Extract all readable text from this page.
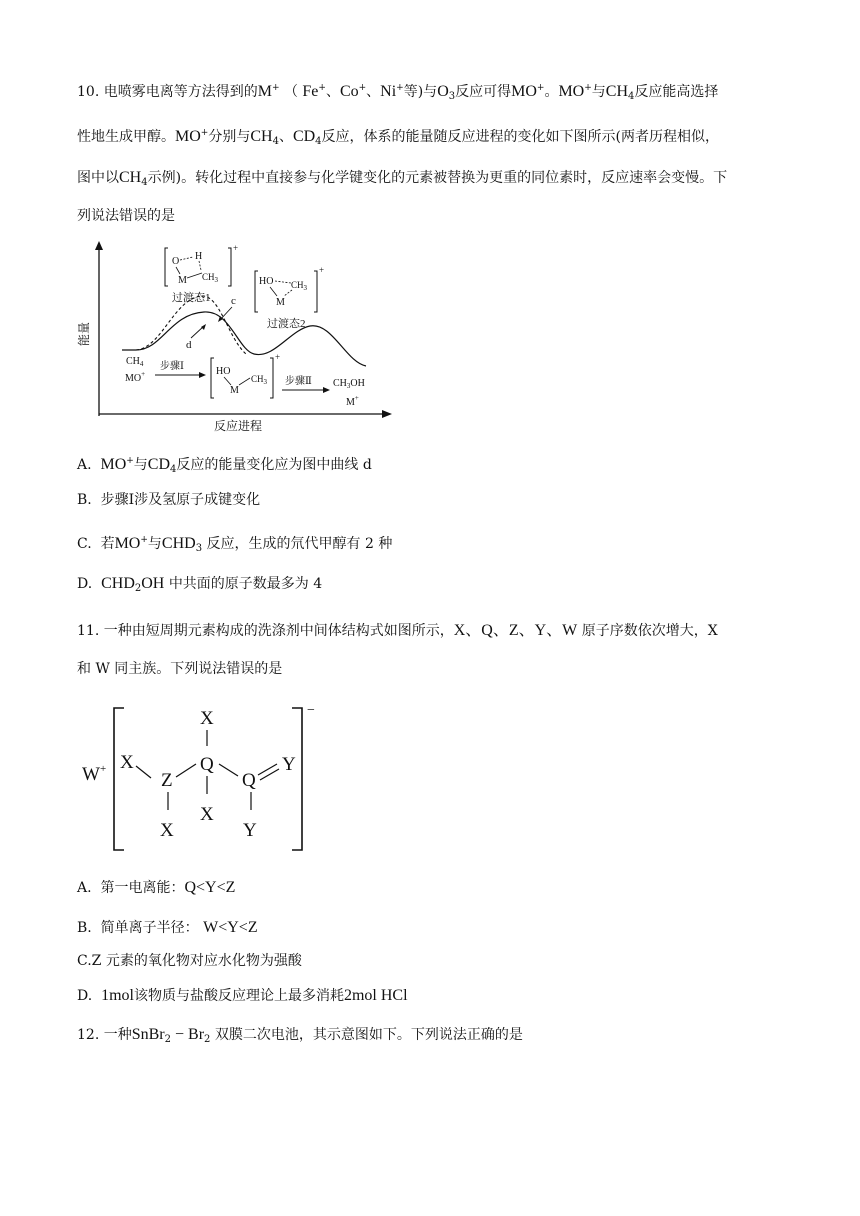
10. 电喷雾电离等方法得到的M+ （ Fe+、Co+、Ni+等)与$O_3$反应可得MO+。MO+与$CH_4$反应能高选择
性地生成甲醇。MO+分别与$CH_4$、$CD_4$反应，体系的能量随反应进程的变化如下图所示(两者历程相似，
图中以$CH_4$示例)。转化过程中直接参与化学键变化的元素被替换为更重的同位素时，反应速率会变慢。下
列说法错误的是
能量
反应进程
c
d
+
O H
M $CH_3$
过渡态1
+
HO $CH_3$
M
过渡态2
$CH_4$
MO+
步骤Ⅰ
+
HO
M
$CH_3$ 步骤Ⅱ $CH_3OH$
M+
A. MO+与$CD_4$反应的能量变化应为图中曲线 d
B. 步骤Ⅰ涉及氢原子成键变化
C. 若MO+与$CHD_3$ 反应，生成的氘代甲醇有 2 种
D. $CHD_2OH$ 中共面的原子数最多为 4
11. 一种由短周期元素构成的洗涤剂中间体结构式如图所示，X、Q、Z、Y、W 原子序数依次增大，X
和 W 同主族。下列说法错误的是
W+
−
X
Q
X
Z
X
X
Q
Y
Y
A. 第一电离能：Q<Y<Z
B. 简单离子半径： W<Y<Z
C.Z 元素的氧化物对应水化物为强酸
D. 1mol该物质与盐酸反应理论上最多消耗2mol HCl
12. 一种SnBr$_2$ − $Br_2$ 双膜二次电池，其示意图如下。下列说法正确的是
